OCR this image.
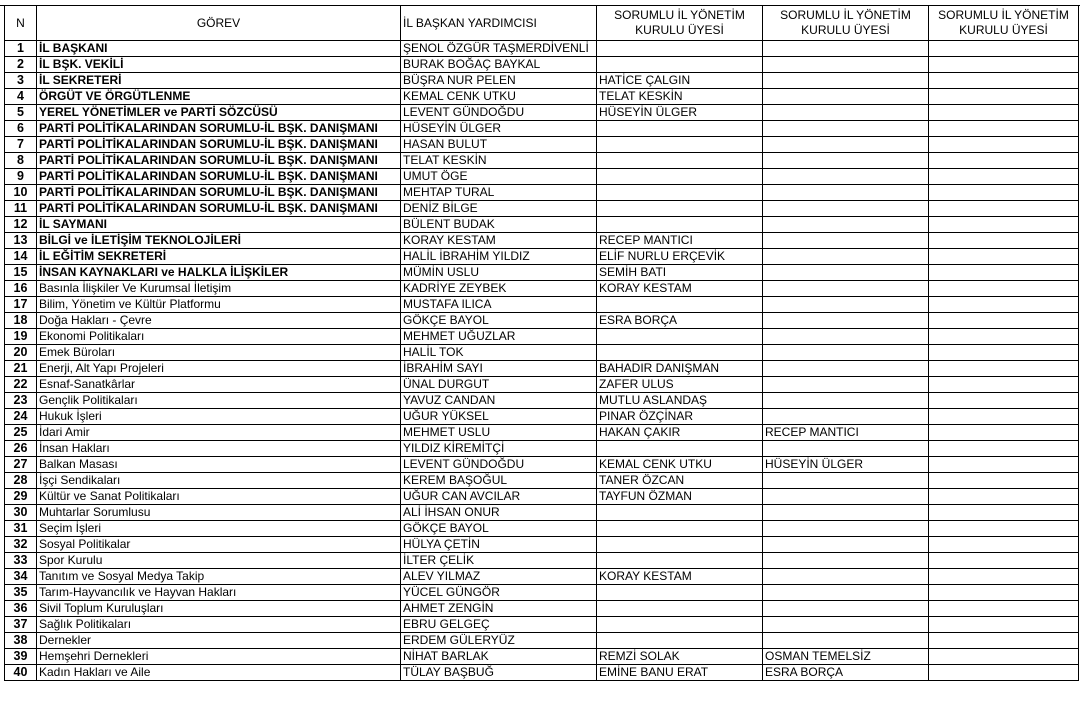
N	GÖREV	İL BAŞKAN YARDIMCISI	SORUMLU İL YÖNETİM KURULU ÜYESİ	SORUMLU İL YÖNETİM KURULU ÜYESİ	SORUMLU İL YÖNETİM KURULU ÜYESİ
1	İL BAŞKANI	ŞENOL ÖZGÜR TAŞMERDİVENLİ			
2	İL BŞK. VEKİLİ	BURAK BOĞAÇ BAYKAL			
3	İL SEKRETERİ	BÜŞRA NUR PELEN	HATİCE ÇALGIN		
4	ÖRGÜT VE ÖRGÜTLENME	KEMAL CENK UTKU	TELAT KESKİN		
5	YEREL YÖNETİMLER ve PARTİ SÖZCÜSÜ	LEVENT GÜNDOĞDU	HÜSEYİN ÜLGER		
6	PARTİ POLİTİKALARINDAN SORUMLU-İL BŞK. DANIŞMANI	HÜSEYİN ÜLGER			
7	PARTİ POLİTİKALARINDAN SORUMLU-İL BŞK. DANIŞMANI	HASAN BULUT			
8	PARTİ POLİTİKALARINDAN SORUMLU-İL BŞK. DANIŞMANI	TELAT KESKİN			
9	PARTİ POLİTİKALARINDAN SORUMLU-İL BŞK. DANIŞMANI	UMUT ÖGE			
10	PARTİ POLİTİKALARINDAN SORUMLU-İL BŞK. DANIŞMANI	MEHTAP TURAL			
11	PARTİ POLİTİKALARINDAN SORUMLU-İL BŞK. DANIŞMANI	DENİZ BİLGE			
12	İL SAYMANI	BÜLENT BUDAK			
13	BİLGİ ve İLETİŞİM TEKNOLOJİLERİ	KORAY KESTAM	RECEP MANTICI		
14	İL EĞİTİM SEKRETERİ	HALİL İBRAHİM YILDIZ	ELİF NURLU ERÇEVİK		
15	İNSAN KAYNAKLARI ve HALKLA İLİŞKİLER	MÜMİN USLU	SEMİH BATI		
16	Basınla İlişkiler Ve Kurumsal İletişim	KADRİYE ZEYBEK	KORAY KESTAM		
17	Bilim, Yönetim ve Kültür Platformu	MUSTAFA ILICA			
18	Doğa Hakları - Çevre	GÖKÇE BAYOL	ESRA BORÇA		
19	Ekonomi Politikaları	MEHMET UĞUZLAR			
20	Emek Büroları	HALİL TOK			
21	Enerji, Alt Yapı Projeleri	İBRAHİM SAYI	BAHADIR DANIŞMAN		
22	Esnaf-Sanatkârlar	ÜNAL DURGUT	ZAFER ULUS		
23	Gençlik Politikaları	YAVUZ CANDAN	MUTLU ASLANDAŞ		
24	Hukuk İşleri	UĞUR YÜKSEL	PINAR ÖZÇİNAR		
25	İdari Amir	MEHMET USLU	HAKAN ÇAKIR	RECEP MANTICI	
26	İnsan Hakları	YILDIZ KİREMİTÇİ			
27	Balkan Masası	LEVENT GÜNDOĞDU	KEMAL CENK UTKU	HÜSEYİN ÜLGER	
28	İşçi Sendikaları	KEREM BAŞOĞUL	TANER ÖZCAN		
29	Kültür ve Sanat Politikaları	UĞUR CAN AVCILAR	TAYFUN ÖZMAN		
30	Muhtarlar Sorumlusu	ALİ İHSAN ONUR			
31	Seçim İşleri	GÖKÇE BAYOL			
32	Sosyal Politikalar	HÜLYA ÇETİN			
33	Spor Kurulu	İLTER ÇELİK			
34	Tanıtım ve Sosyal Medya Takip	ALEV YILMAZ	KORAY KESTAM		
35	Tarım-Hayvancılık ve Hayvan Hakları	YÜCEL GÜNGÖR			
36	Sivil Toplum Kuruluşları	AHMET ZENGİN			
37	Sağlık Politikaları	EBRU GELGEÇ			
38	Dernekler	ERDEM GÜLERYÜZ			
39	Hemşehri Dernekleri	NİHAT BARLAK	REMZİ SOLAK	OSMAN TEMELSİZ	
40	Kadın Hakları ve Aile	TÜLAY BAŞBUĞ	EMİNE BANU ERAT	ESRA BORÇA	
